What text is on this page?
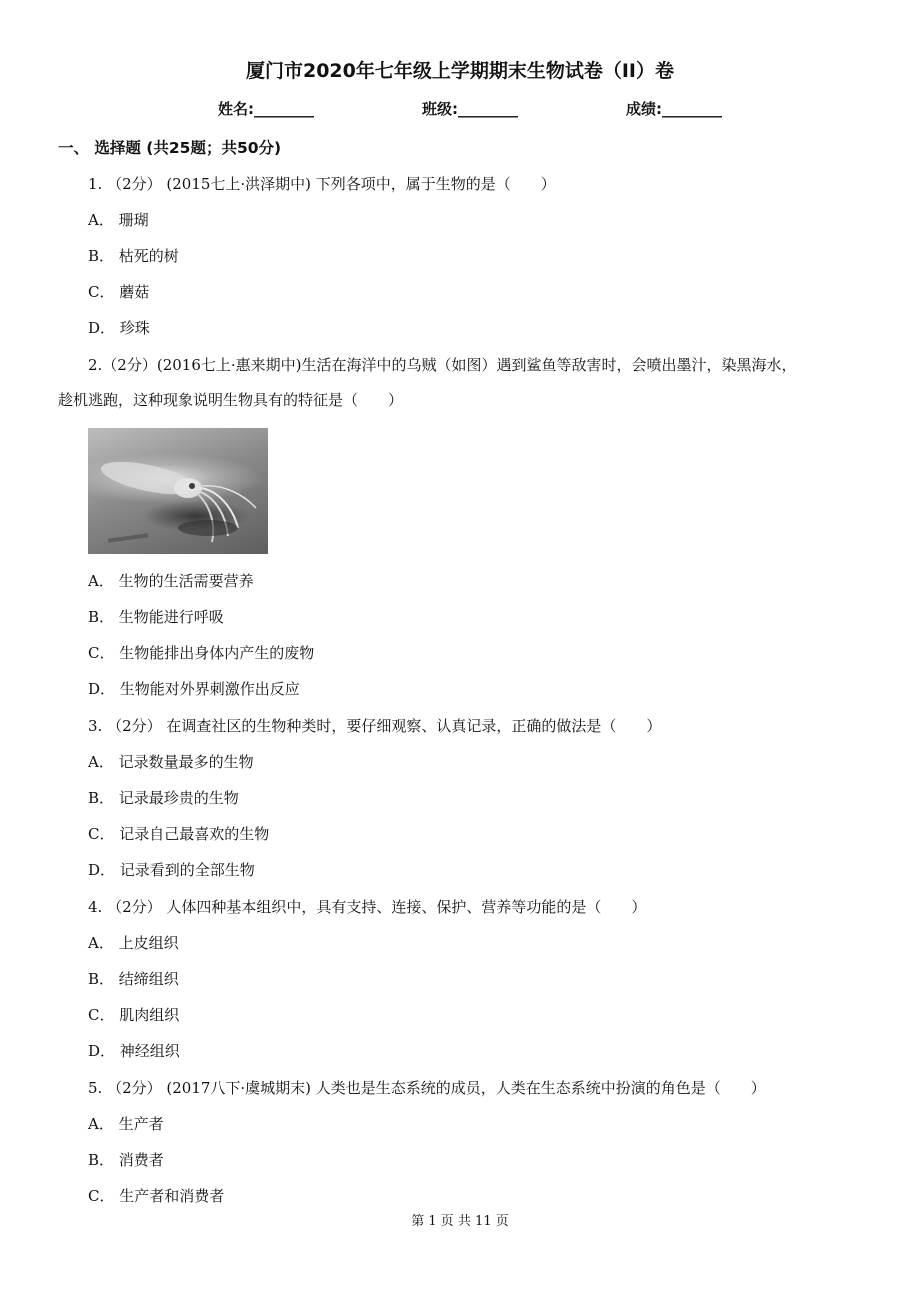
厦门市2020年七年级上学期期末生物试卷（II）卷
姓名:________	班级:________	成绩:________
一、 选择题 (共25题；共50分)
1. （2分） (2015七上·洪泽期中) 下列各项中，属于生物的是（　　）
A． 珊瑚
B． 枯死的树
C． 蘑菇
D． 珍珠
2.（2分）(2016七上·惠来期中)生活在海洋中的乌贼（如图）遇到鲨鱼等敌害时，会喷出墨汁，染黑海水，
趁机逃跑，这种现象说明生物具有的特征是（　　）
A． 生物的生活需要营养
B． 生物能进行呼吸
C． 生物能排出身体内产生的废物
D． 生物能对外界刺激作出反应
3. （2分） 在调查社区的生物种类时，要仔细观察、认真记录，正确的做法是（　　）
A． 记录数量最多的生物
B． 记录最珍贵的生物
C． 记录自己最喜欢的生物
D． 记录看到的全部生物
4. （2分） 人体四种基本组织中，具有支持、连接、保护、营养等功能的是（　　）
A． 上皮组织
B． 结缔组织
C． 肌肉组织
D． 神经组织
5. （2分） (2017八下·虞城期末) 人类也是生态系统的成员，人类在生态系统中扮演的角色是（　　）
A． 生产者
B． 消费者
C． 生产者和消费者
第 1 页 共 11 页
